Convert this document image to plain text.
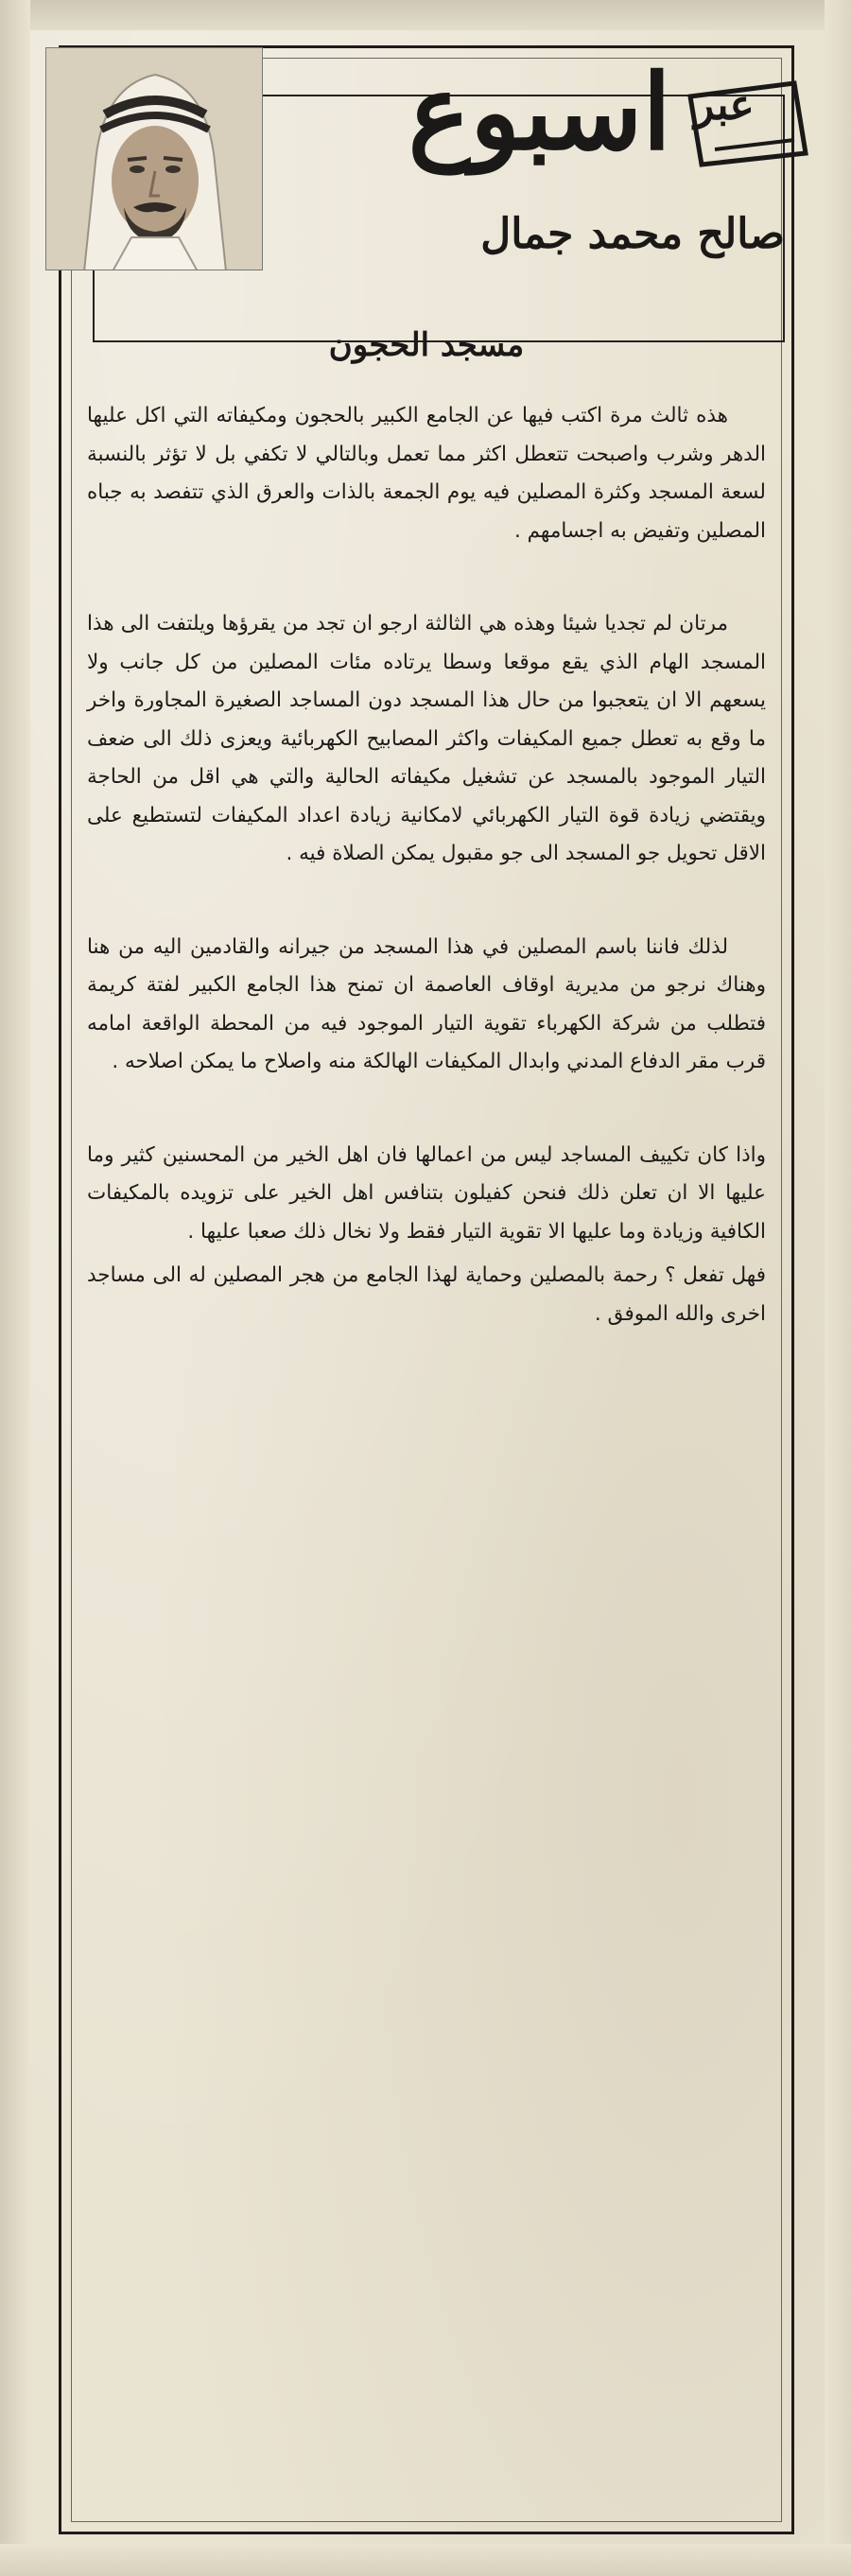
عبر
اسبوع
صالح محمد جمال
مسجد الحجون

هذه ثالث مرة اكتب فيها عن الجامع الكبير بالحجون ومكيفاته التي اكل عليها الدهر وشرب واصبحت تتعطل اكثر مما تعمل وبالتالي لا تكفي بل لا تؤثر بالنسبة لسعة المسجد وكثرة المصلين فيه يوم الجمعة بالذات والعرق الذي تتفصد به جباه المصلين وتفيض به اجسامهم .

مرتان لم تجديا شيئا وهذه هي الثالثة ارجو ان تجد من يقرؤها ويلتفت الى هذا المسجد الهام الذي يقع موقعا وسطا يرتاده مئات المصلين من كل جانب ولا يسعهم الا ان يتعجبوا من حال هذا المسجد دون المساجد الصغيرة المجاورة واخر ما وقع به تعطل جميع المكيفات واكثر المصابيح الكهربائية ويعزى ذلك الى ضعف التيار الموجود بالمسجد عن تشغيل مكيفاته الحالية والتي هي اقل من الحاجة ويقتضي زيادة قوة التيار الكهربائي لامكانية زيادة اعداد المكيفات لتستطيع على الاقل تحويل جو المسجد الى جو مقبول يمكن الصلاة فيه .

لذلك فاننا باسم المصلين في هذا المسجد من جيرانه والقادمين اليه من هنا وهناك نرجو من مديرية اوقاف العاصمة ان تمنح هذا الجامع الكبير لفتة كريمة فتطلب من شركة الكهرباء تقوية التيار الموجود فيه من المحطة الواقعة امامه قرب مقر الدفاع المدني وابدال المكيفات الهالكة منه واصلاح ما يمكن اصلاحه .

واذا كان تكييف المساجد ليس من اعمالها فان اهل الخير من المحسنين كثير وما عليها الا ان تعلن ذلك فنحن كفيلون بتنافس اهل الخير على تزويده بالمكيفات الكافية وزيادة وما عليها الا تقوية التيار فقط ولا نخال ذلك صعبا عليها .

فهل تفعل ؟ رحمة بالمصلين وحماية لهذا الجامع من هجر المصلين له الى مساجد اخرى والله الموفق .
